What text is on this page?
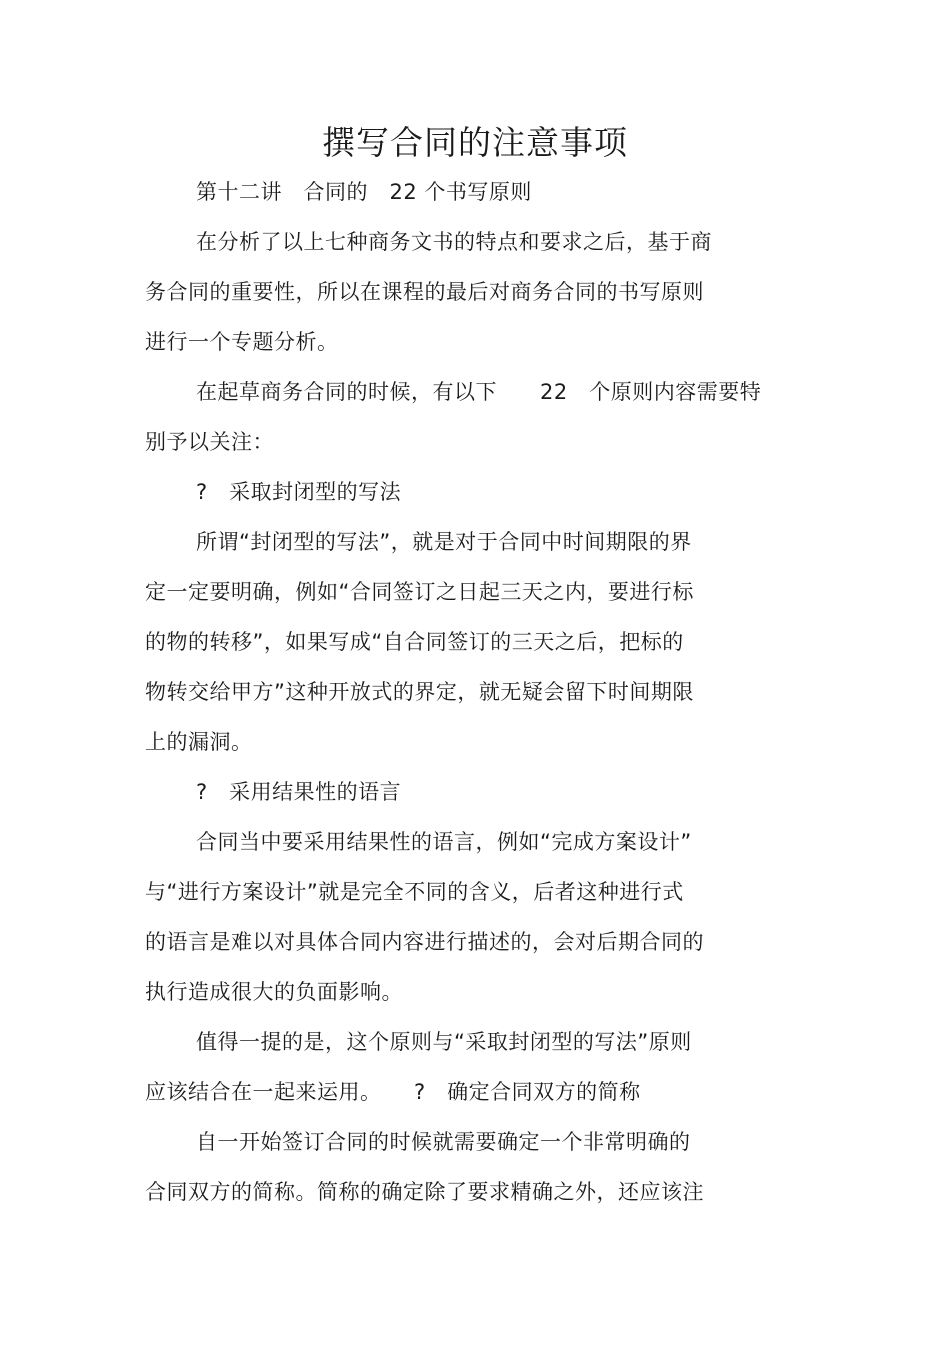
撰写合同的注意事项
第十二讲　合同的　22 个书写原则
在分析了以上七种商务文书的特点和要求之后，基于商
务合同的重要性，所以在课程的最后对商务合同的书写原则
进行一个专题分析。
在起草商务合同的时候，有以下　　22　个原则内容需要特
别予以关注：
?　采取封闭型的写法
所谓“封闭型的写法”，就是对于合同中时间期限的界
定一定要明确，例如“合同签订之日起三天之内，要进行标
的物的转移”，如果写成“自合同签订的三天之后，把标的
物转交给甲方”这种开放式的界定，就无疑会留下时间期限
上的漏洞。
?　采用结果性的语言
合同当中要采用结果性的语言，例如“完成方案设计”
与“进行方案设计”就是完全不同的含义，后者这种进行式
的语言是难以对具体合同内容进行描述的，会对后期合同的
执行造成很大的负面影响。
值得一提的是，这个原则与“采取封闭型的写法”原则
应该结合在一起来运用。　　?　确定合同双方的简称
自一开始签订合同的时候就需要确定一个非常明确的
合同双方的简称。简称的确定除了要求精确之外，还应该注
